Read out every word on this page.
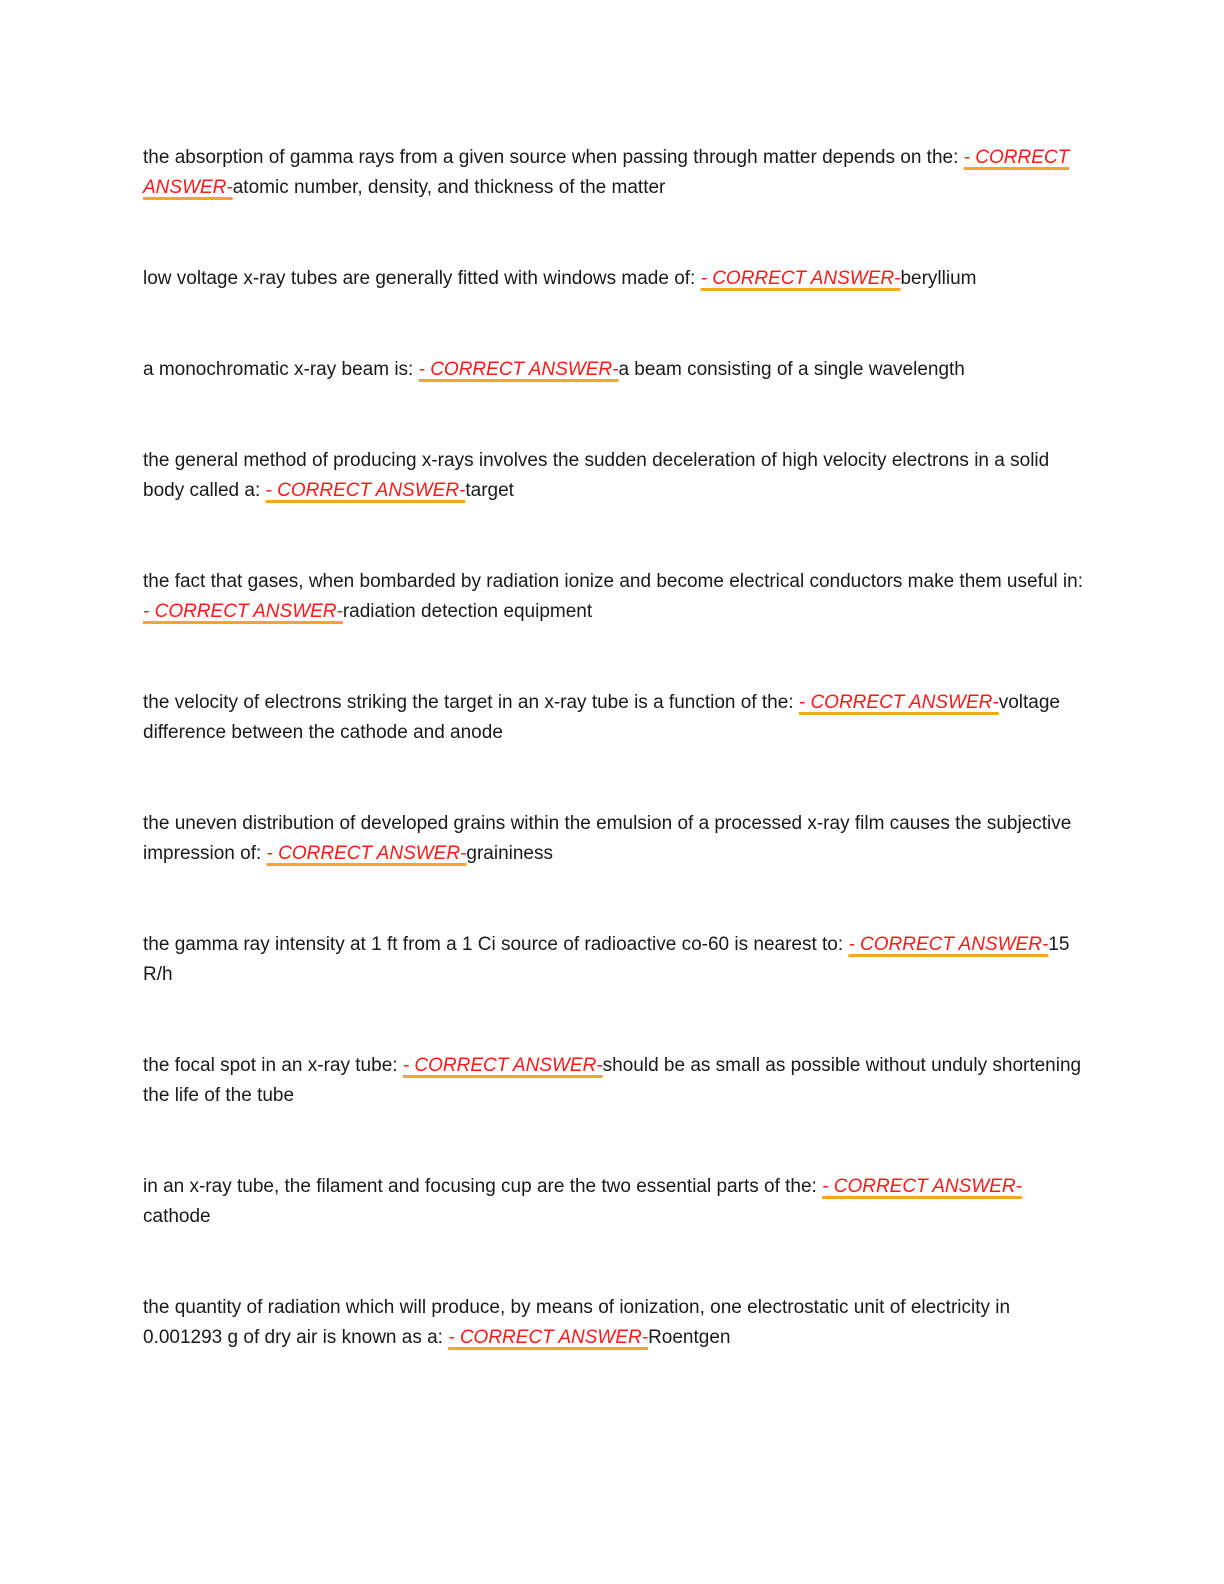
the absorption of gamma rays from a given source when passing through matter depends on the: - CORRECT ANSWER-atomic number, density, and thickness of the matter

low voltage x-ray tubes are generally fitted with windows made of: - CORRECT ANSWER-beryllium

a monochromatic x-ray beam is: - CORRECT ANSWER-a beam consisting of a single wavelength

the general method of producing x-rays involves the sudden deceleration of high velocity electrons in a solid body called a: - CORRECT ANSWER-target

the fact that gases, when bombarded by radiation ionize and become electrical conductors make them useful in: - CORRECT ANSWER-radiation detection equipment

the velocity of electrons striking the target in an x-ray tube is a function of the: - CORRECT ANSWER-voltage difference between the cathode and anode

the uneven distribution of developed grains within the emulsion of a processed x-ray film causes the subjective impression of: - CORRECT ANSWER-graininess

the gamma ray intensity at 1 ft from a 1 Ci source of radioactive co-60 is nearest to: - CORRECT ANSWER-15 R/h

the focal spot in an x-ray tube: - CORRECT ANSWER-should be as small as possible without unduly shortening the life of the tube

in an x-ray tube, the filament and focusing cup are the two essential parts of the: - CORRECT ANSWER-cathode

the quantity of radiation which will produce, by means of ionization, one electrostatic unit of electricity in 0.001293 g of dry air is known as a: - CORRECT ANSWER-Roentgen
